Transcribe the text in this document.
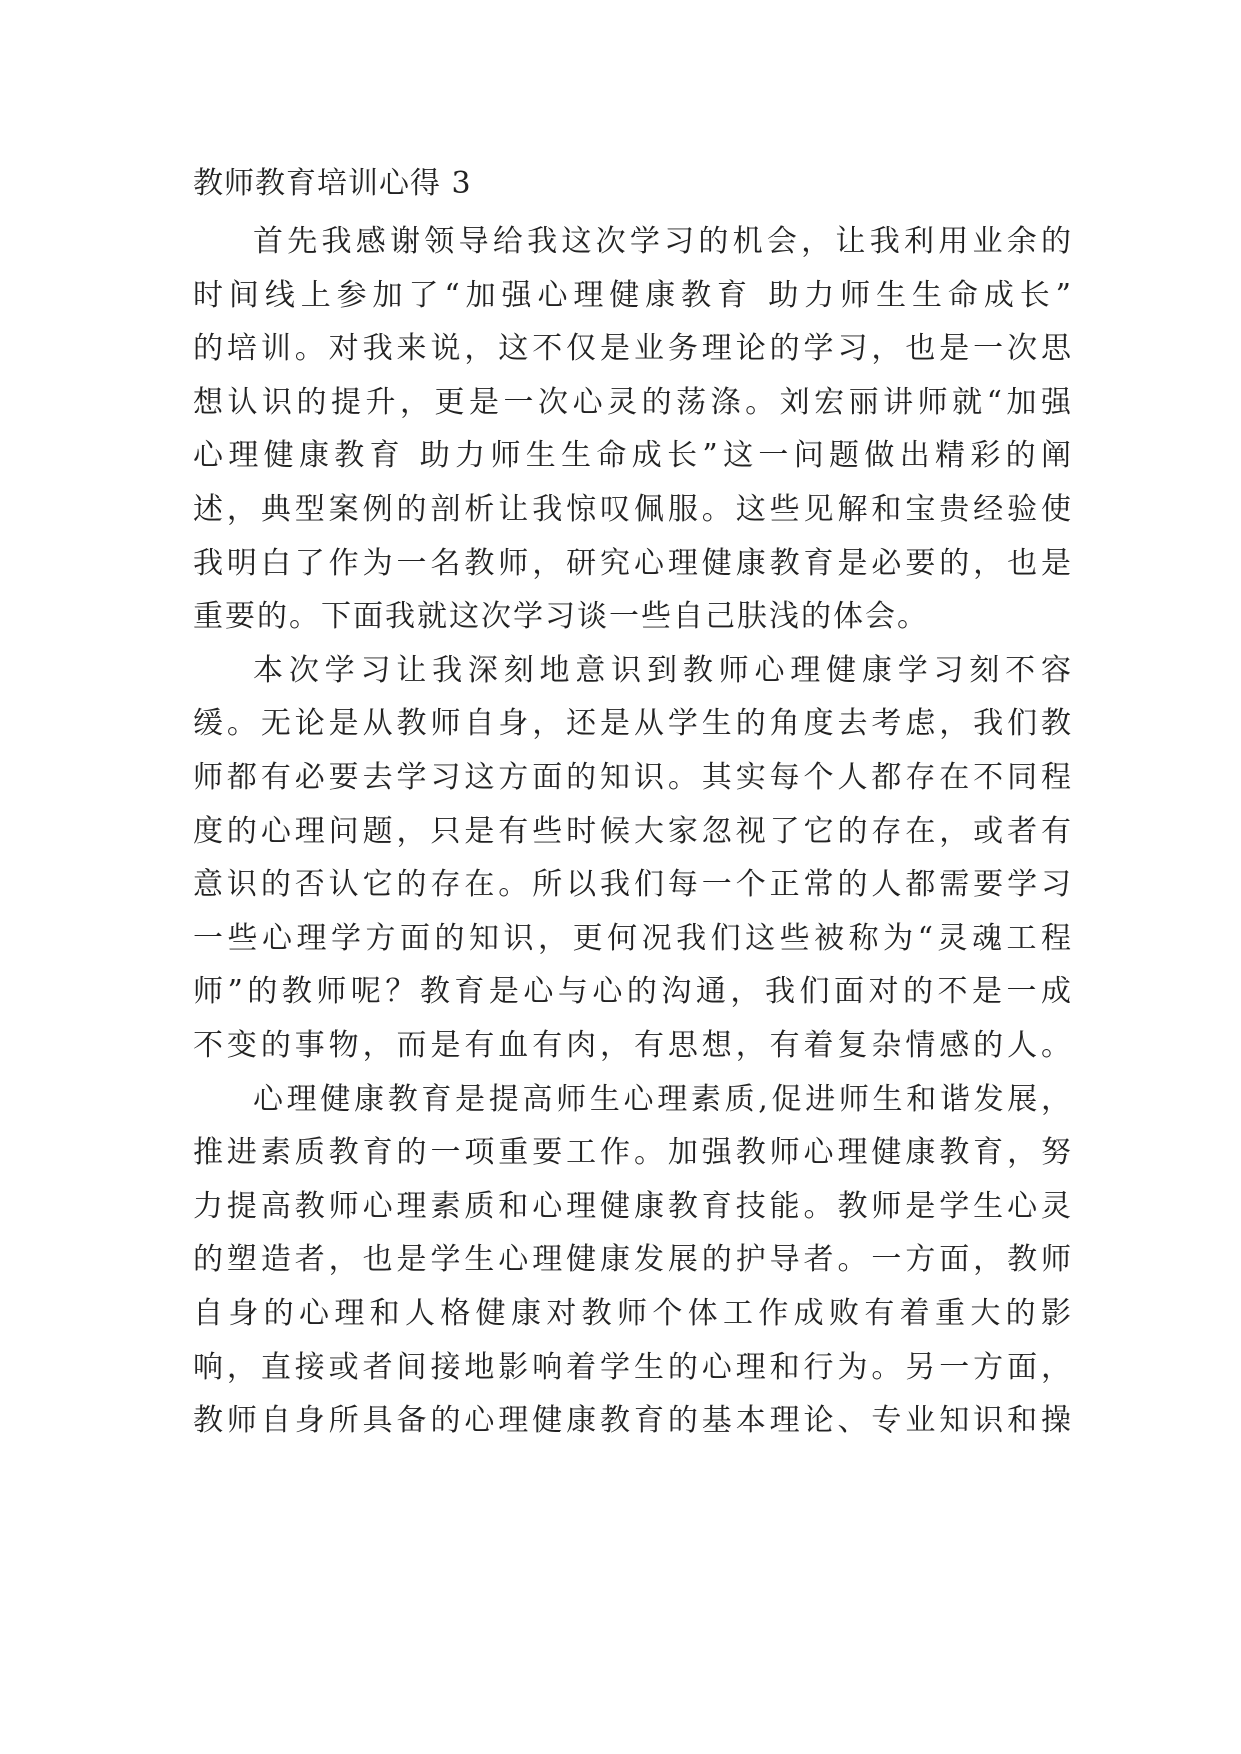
教师教育培训心得 3
首先我感谢领导给我这次学习的机会，让我利用业余的
时间线上参加了“加强心理健康教育 助力师生生命成长”
的培训。对我来说，这不仅是业务理论的学习，也是一次思
想认识的提升，更是一次心灵的荡涤。刘宏丽讲师就“加强
心理健康教育 助力师生生命成长”这一问题做出精彩的阐
述，典型案例的剖析让我惊叹佩服。这些见解和宝贵经验使
我明白了作为一名教师，研究心理健康教育是必要的，也是
重要的。下面我就这次学习谈一些自己肤浅的体会。
本次学习让我深刻地意识到教师心理健康学习刻不容
缓。无论是从教师自身，还是从学生的角度去考虑，我们教
师都有必要去学习这方面的知识。其实每个人都存在不同程
度的心理问题，只是有些时候大家忽视了它的存在，或者有
意识的否认它的存在。所以我们每一个正常的人都需要学习
一些心理学方面的知识，更何况我们这些被称为“灵魂工程
师”的教师呢？教育是心与心的沟通，我们面对的不是一成
不变的事物，而是有血有肉，有思想，有着复杂情感的人。
心理健康教育是提高师生心理素质,促进师生和谐发展，
推进素质教育的一项重要工作。加强教师心理健康教育，努
力提高教师心理素质和心理健康教育技能。教师是学生心灵
的塑造者，也是学生心理健康发展的护导者。一方面，教师
自身的心理和人格健康对教师个体工作成败有着重大的影
响，直接或者间接地影响着学生的心理和行为。另一方面，
教师自身所具备的心理健康教育的基本理论、专业知识和操
